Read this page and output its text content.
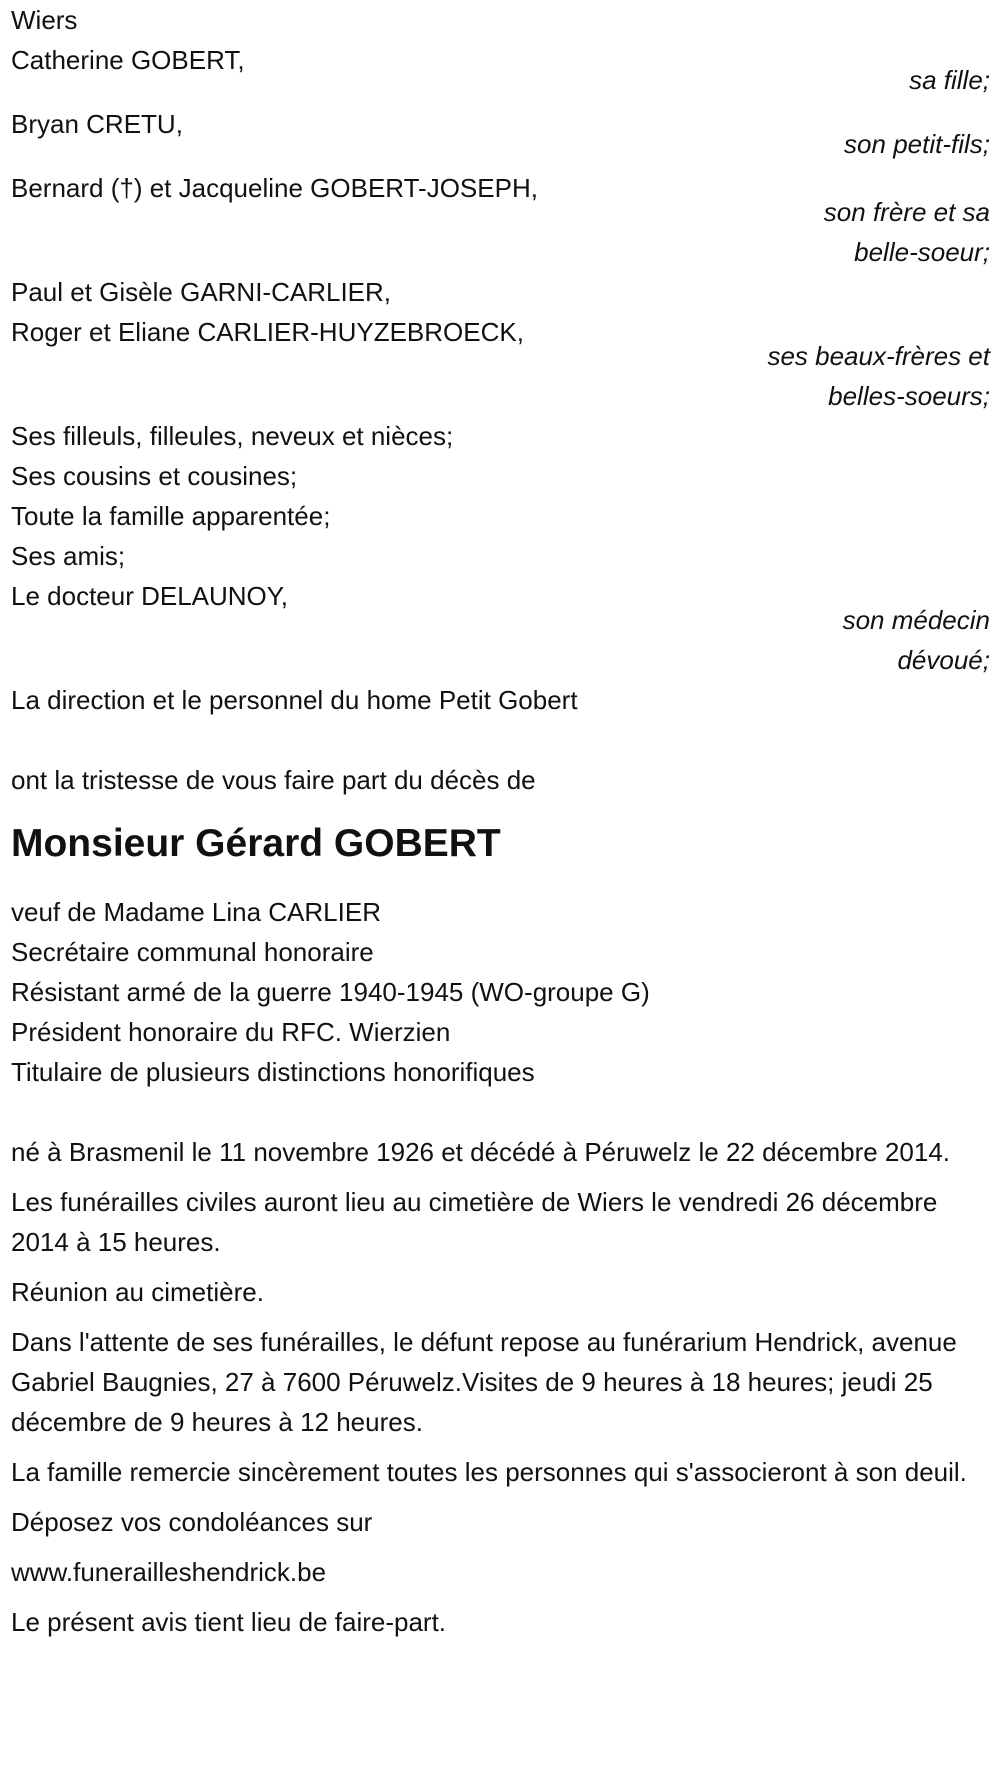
Wiers
Catherine GOBERT,
sa fille;
Bryan CRETU,
son petit-fils;
Bernard (†) et Jacqueline GOBERT-JOSEPH,
son frère et sa
belle-soeur;
Paul et Gisèle GARNI-CARLIER,
Roger et Eliane CARLIER-HUYZEBROECK,
ses beaux-frères et
belles-soeurs;
Ses filleuls, filleules, neveux et nièces;
Ses cousins et cousines;
Toute la famille apparentée;
Ses amis;
Le docteur DELAUNOY,
son médecin
dévoué;
La direction et le personnel du home Petit Gobert
ont la tristesse de vous faire part du décès de
Monsieur Gérard GOBERT
veuf de Madame Lina CARLIER
Secrétaire communal honoraire
Résistant armé de la guerre 1940-1945 (WO-groupe G)
Président honoraire du RFC. Wierzien
Titulaire de plusieurs distinctions honorifiques
né à Brasmenil le 11 novembre 1926 et décédé à Péruwelz le 22 décembre 2014.
Les funérailles civiles auront lieu au cimetière de Wiers le vendredi 26 décembre 2014 à 15 heures.
Réunion au cimetière.
Dans l'attente de ses funérailles, le défunt repose au funérarium Hendrick, avenue Gabriel Baugnies, 27 à 7600 Péruwelz.Visites de 9 heures à 18 heures; jeudi 25 décembre de 9 heures à 12 heures.
La famille remercie sincèrement toutes les personnes qui s'associeront à son deuil.
Déposez vos condoléances sur
www.funerailleshendrick.be
Le présent avis tient lieu de faire-part.
